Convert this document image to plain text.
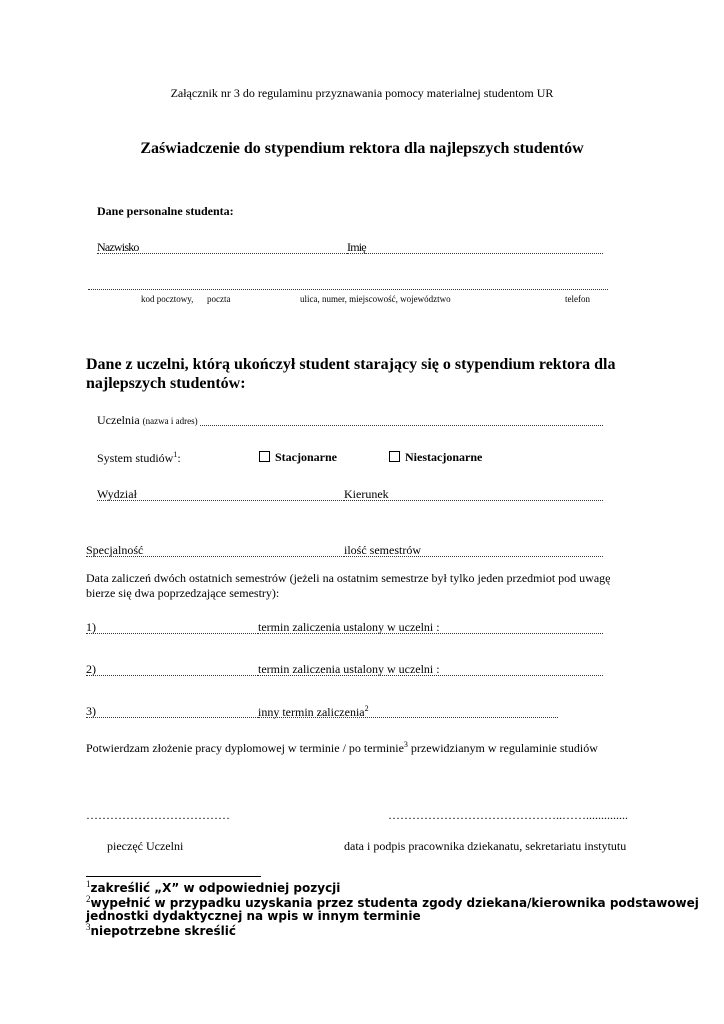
Załącznik nr 3 do regulaminu przyznawania pomocy materialnej studentom UR
Zaświadczenie do stypendium rektora dla najlepszych studentów
Dane personalne studenta:
Nazwisko	Imię
kod pocztowy, poczta	ulica, numer, miejscowość, województwo	telefon
Dane z uczelni, którą ukończył student starający się o stypendium rektora dla najlepszych studentów:
Uczelnia (nazwa i adres)
System studiów$^1$:	Stacjonarne	Niestacjonarne
Wydział	Kierunek
Specjalność	ilość semestrów
Data zaliczeń dwóch ostatnich semestrów (jeżeli na ostatnim semestrze był tylko jeden przedmiot pod uwagę bierze się dwa poprzedzające semestry):
1)	termin zaliczenia ustalony w uczelni :
2)	termin zaliczenia ustalony w uczelni :
3)	inny termin zaliczenia$^2$
Potwierdzam złożenie pracy dyplomowej w terminie / po terminie$^3$ przewidzianym w regulaminie studiów
………………………………	……………………………………..……..............
pieczęć Uczelni	data i podpis pracownika dziekanatu, sekretariatu instytutu
$^1$zakreślić „X” w odpowiedniej pozycji
$^2$wypełnić w przypadku uzyskania przez studenta zgody dziekana/kierownika podstawowej
jednostki dydaktycznej na wpis w innym terminie
$^3$niepotrzebne skreślić
